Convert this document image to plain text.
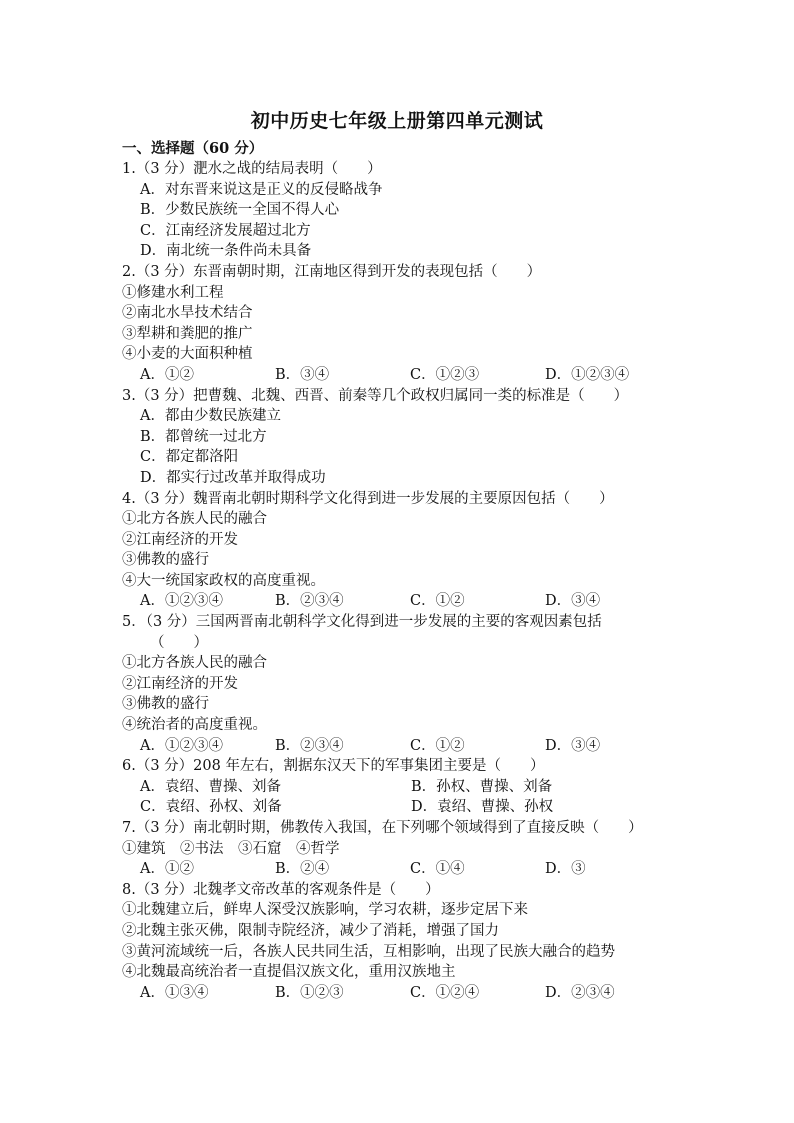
初中历史七年级上册第四单元测试
一、选择题（60 分）
1.（3 分）淝水之战的结局表明（　　）
A．对东晋来说这是正义的反侵略战争
B．少数民族统一全国不得人心
C．江南经济发展超过北方
D．南北统一条件尚未具备
2.（3 分）东晋南朝时期，江南地区得到开发的表现包括（　　）
①修建水利工程
②南北水旱技术结合
③犁耕和粪肥的推广
④小麦的大面积种植
A．①②	B．③④	C．①②③	D．①②③④
3.（3 分）把曹魏、北魏、西晋、前秦等几个政权归属同一类的标准是（　　）
A．都由少数民族建立
B．都曾统一过北方
C．都定都洛阳
D．都实行过改革并取得成功
4.（3 分）魏晋南北朝时期科学文化得到进一步发展的主要原因包括（　　）
①北方各族人民的融合
②江南经济的开发
③佛教的盛行
④大一统国家政权的高度重视。
A．①②③④	B．②③④	C．①②	D．③④
5．（3 分）三国两晋南北朝科学文化得到进一步发展的主要的客观因素包括
（　　）
①北方各族人民的融合
②江南经济的开发
③佛教的盛行
④统治者的高度重视。
A．①②③④	B．②③④	C．①②	D．③④
6.（3 分）208 年左右，割据东汉天下的军事集团主要是（　　）
A．袁绍、曹操、刘备	B．孙权、曹操、刘备
C．袁绍、孙权、刘备	D．袁绍、曹操、孙权
7.（3 分）南北朝时期，佛教传入我国，在下列哪个领域得到了直接反映（　　）
①建筑　②书法　③石窟　④哲学
A．①②	B．②④	C．①④	D．③
8.（3 分）北魏孝文帝改革的客观条件是（　　）
①北魏建立后，鲜卑人深受汉族影响，学习农耕，逐步定居下来
②北魏主张灭佛，限制寺院经济，减少了消耗，增强了国力
③黄河流域统一后，各族人民共同生活，互相影响，出现了民族大融合的趋势
④北魏最高统治者一直提倡汉族文化，重用汉族地主
A．①③④	B．①②③	C．①②④	D．②③④
